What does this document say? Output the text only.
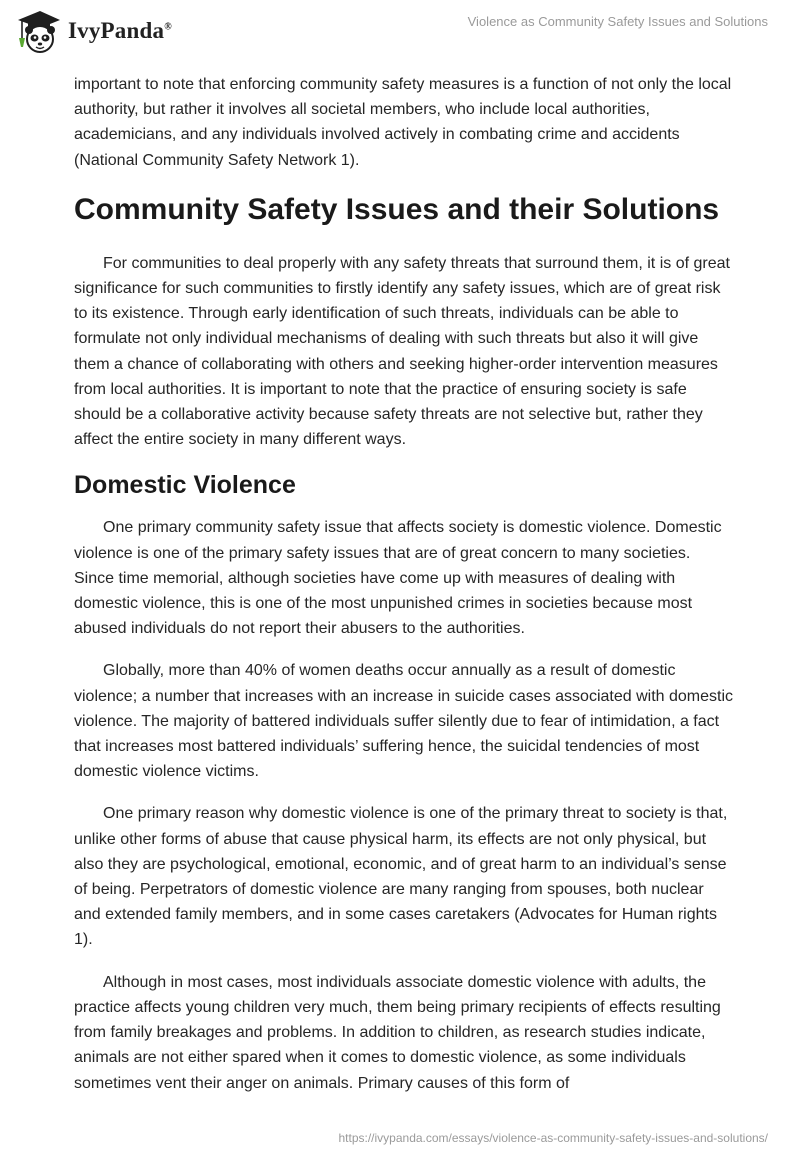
IvyPanda®	Violence as Community Safety Issues and Solutions

important to note that enforcing community safety measures is a function of not only the local authority, but rather it involves all societal members, who include local authorities, academicians, and any individuals involved actively in combating crime and accidents (National Community Safety Network 1).

Community Safety Issues and their Solutions

For communities to deal properly with any safety threats that surround them, it is of great significance for such communities to firstly identify any safety issues, which are of great risk to its existence. Through early identification of such threats, individuals can be able to formulate not only individual mechanisms of dealing with such threats but also it will give them a chance of collaborating with others and seeking higher-order intervention measures from local authorities. It is important to note that the practice of ensuring society is safe should be a collaborative activity because safety threats are not selective but, rather they affect the entire society in many different ways.

Domestic Violence

One primary community safety issue that affects society is domestic violence. Domestic violence is one of the primary safety issues that are of great concern to many societies. Since time memorial, although societies have come up with measures of dealing with domestic violence, this is one of the most unpunished crimes in societies because most abused individuals do not report their abusers to the authorities.

Globally, more than 40% of women deaths occur annually as a result of domestic violence; a number that increases with an increase in suicide cases associated with domestic violence. The majority of battered individuals suffer silently due to fear of intimidation, a fact that increases most battered individuals’ suffering hence, the suicidal tendencies of most domestic violence victims.

One primary reason why domestic violence is one of the primary threat to society is that, unlike other forms of abuse that cause physical harm, its effects are not only physical, but also they are psychological, emotional, economic, and of great harm to an individual’s sense of being. Perpetrators of domestic violence are many ranging from spouses, both nuclear and extended family members, and in some cases caretakers (Advocates for Human rights 1).

Although in most cases, most individuals associate domestic violence with adults, the practice affects young children very much, them being primary recipients of effects resulting from family breakages and problems. In addition to children, as research studies indicate, animals are not either spared when it comes to domestic violence, as some individuals sometimes vent their anger on animals. Primary causes of this form of

https://ivypanda.com/essays/violence-as-community-safety-issues-and-solutions/
